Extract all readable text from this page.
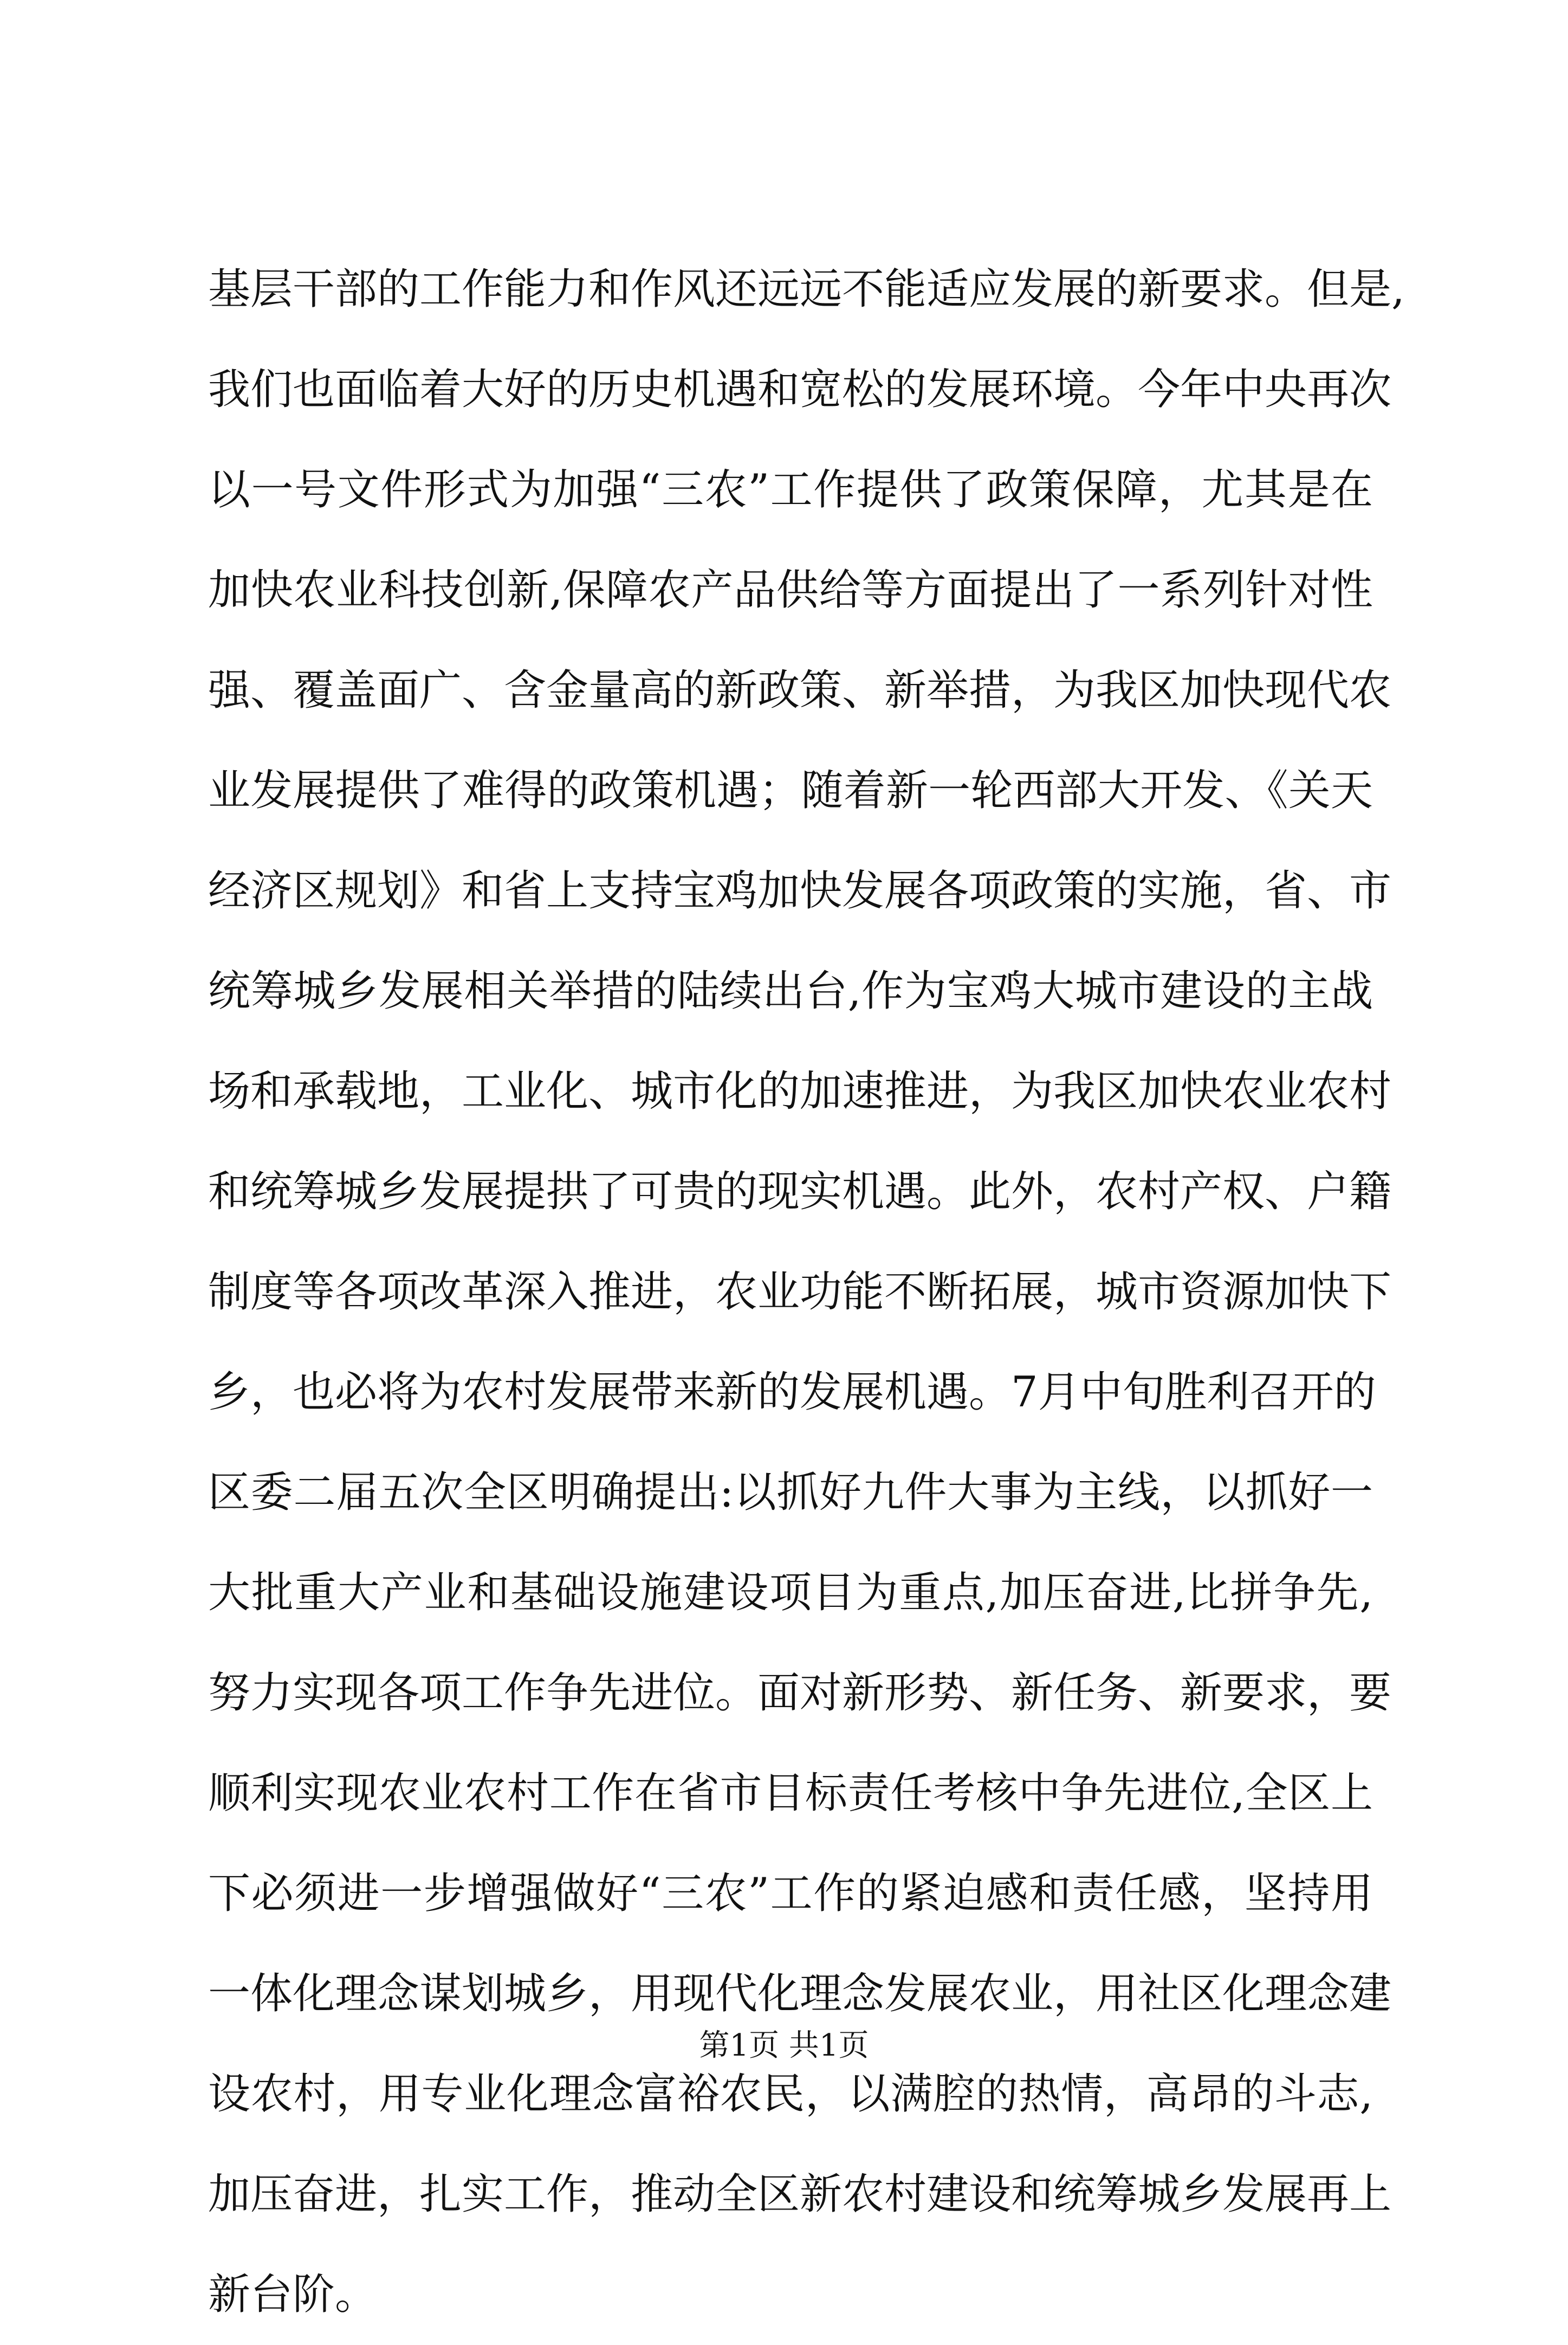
基层干部的工作能力和作风还远远不能适应发展的新要求。但是,
我们也面临着大好的历史机遇和宽松的发展环境。今年中央再次
以一号文件形式为加强“三农”工作提供了政策保障，尤其是在
加快农业科技创新,保障农产品供给等方面提出了一系列针对性
强、覆盖面广、含金量高的新政策、新举措，为我区加快现代农
业发展提供了难得的政策机遇；随着新一轮西部大开发、《关天
经济区规划》和省上支持宝鸡加快发展各项政策的实施，省、市
统筹城乡发展相关举措的陆续出台,作为宝鸡大城市建设的主战
场和承载地，工业化、城市化的加速推进，为我区加快农业农村
和统筹城乡发展提拱了可贵的现实机遇。此外，农村产权、户籍
制度等各项改革深入推进，农业功能不断拓展，城市资源加快下
乡，也必将为农村发展带来新的发展机遇。7月中旬胜利召开的
区委二届五次全区明确提出:以抓好九件大事为主线，以抓好一
大批重大产业和基础设施建设项目为重点,加压奋进,比拼争先,
努力实现各项工作争先进位。面对新形势、新任务、新要求，要
顺利实现农业农村工作在省市目标责任考核中争先进位,全区上
下必须进一步增强做好“三农”工作的紧迫感和责任感，坚持用
一体化理念谋划城乡，用现代化理念发展农业，用社区化理念建
设农村，用专业化理念富裕农民，以满腔的热情，高昂的斗志,
加压奋进，扎实工作，推动全区新农村建设和统筹城乡发展再上
新台阶。
第1页 共1页
